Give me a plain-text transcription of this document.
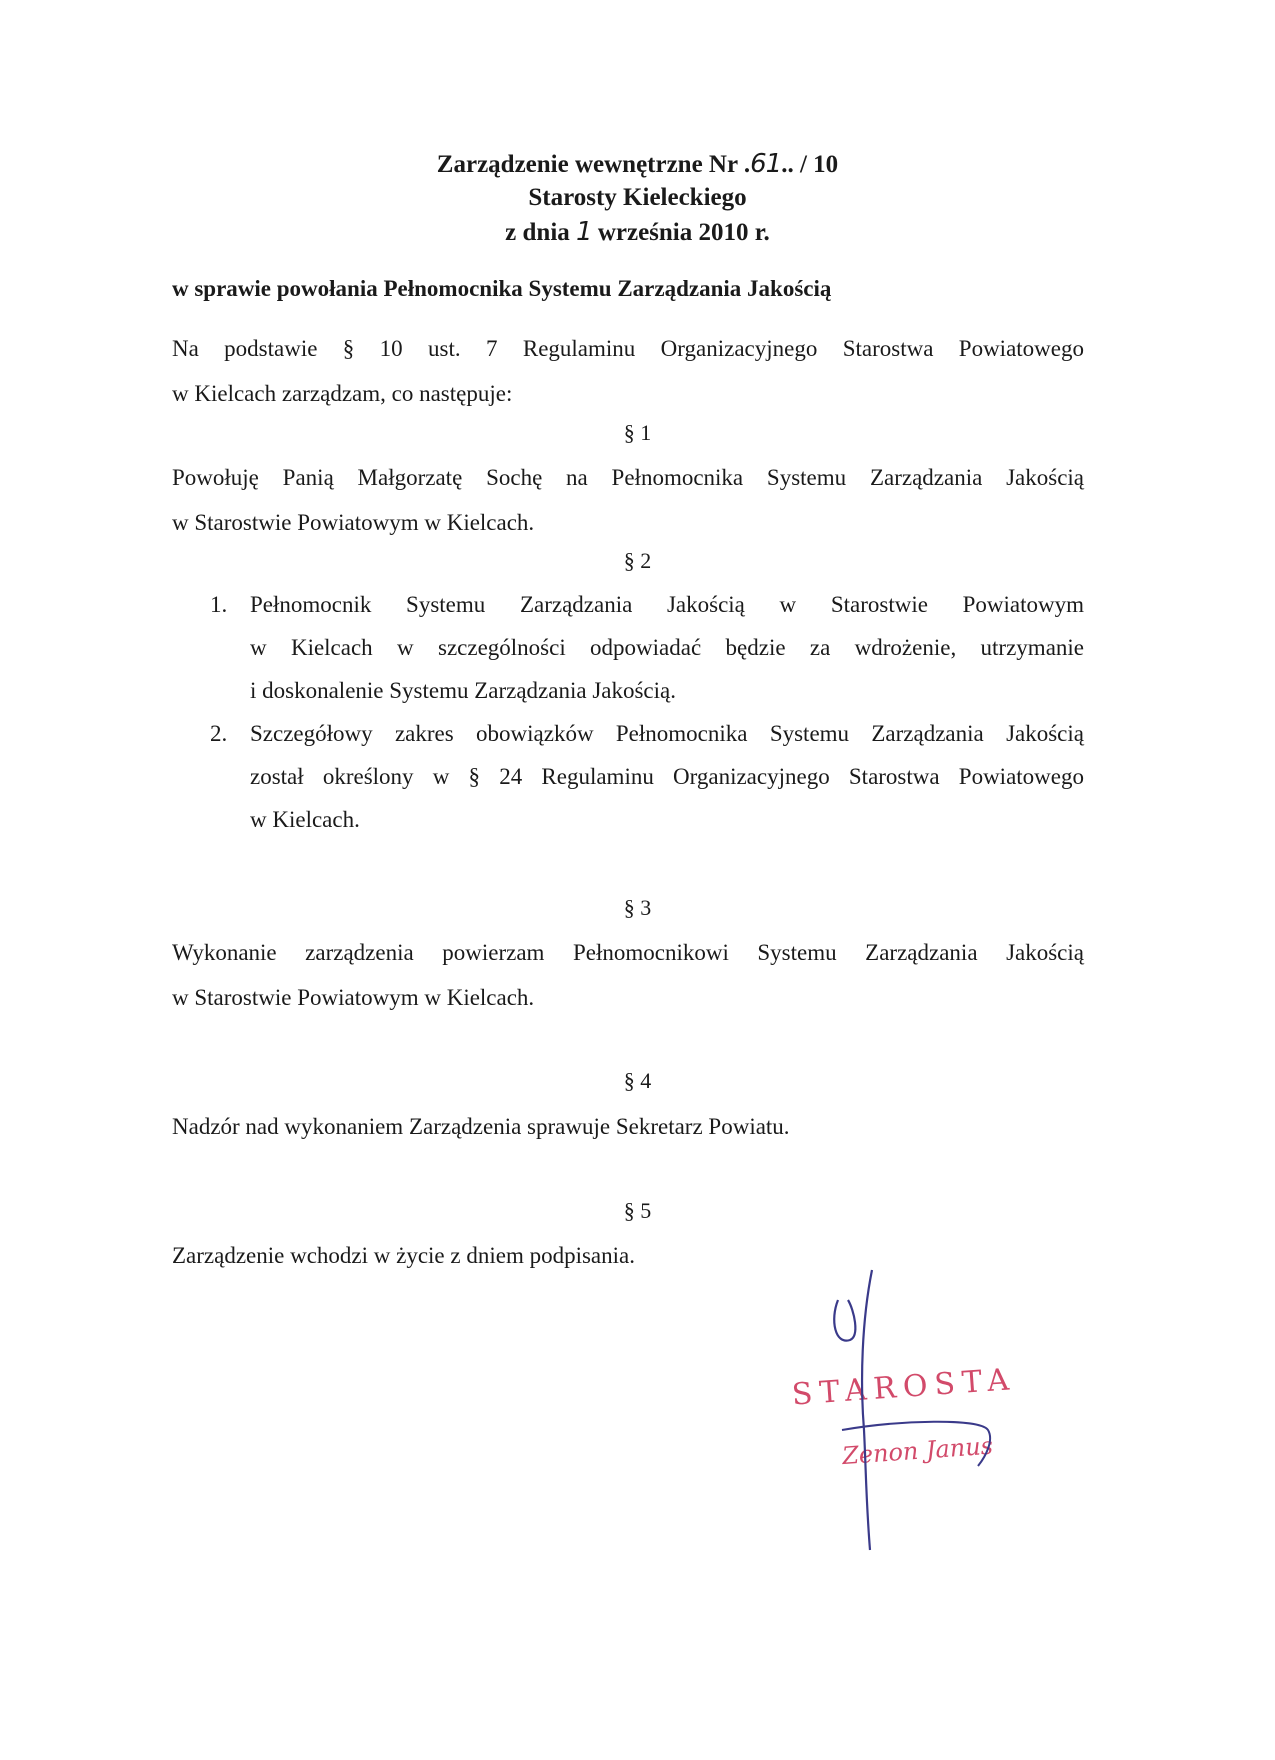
Zarządzenie wewnętrzne Nr .61.. / 10
Starosty Kieleckiego
z dnia 1 września 2010 r.
w sprawie powołania Pełnomocnika Systemu Zarządzania Jakością
Na podstawie § 10 ust. 7 Regulaminu Organizacyjnego Starostwa Powiatowego
w Kielcach zarządzam, co następuje:
§ 1
Powołuję Panią Małgorzatę Sochę na Pełnomocnika Systemu Zarządzania Jakością
w Starostwie Powiatowym w Kielcach.
§ 2
1. Pełnomocnik Systemu Zarządzania Jakością w Starostwie Powiatowym
w Kielcach w szczególności odpowiadać będzie za wdrożenie, utrzymanie
i doskonalenie Systemu Zarządzania Jakością.
2. Szczegółowy zakres obowiązków Pełnomocnika Systemu Zarządzania Jakością
został określony w § 24 Regulaminu Organizacyjnego Starostwa Powiatowego
w Kielcach.
§ 3
Wykonanie zarządzenia powierzam Pełnomocnikowi Systemu Zarządzania Jakością
w Starostwie Powiatowym w Kielcach.
§ 4
Nadzór nad wykonaniem Zarządzenia sprawuje Sekretarz Powiatu.
§ 5
Zarządzenie wchodzi w życie z dniem podpisania.
STAROSTA
Zenon Janus
